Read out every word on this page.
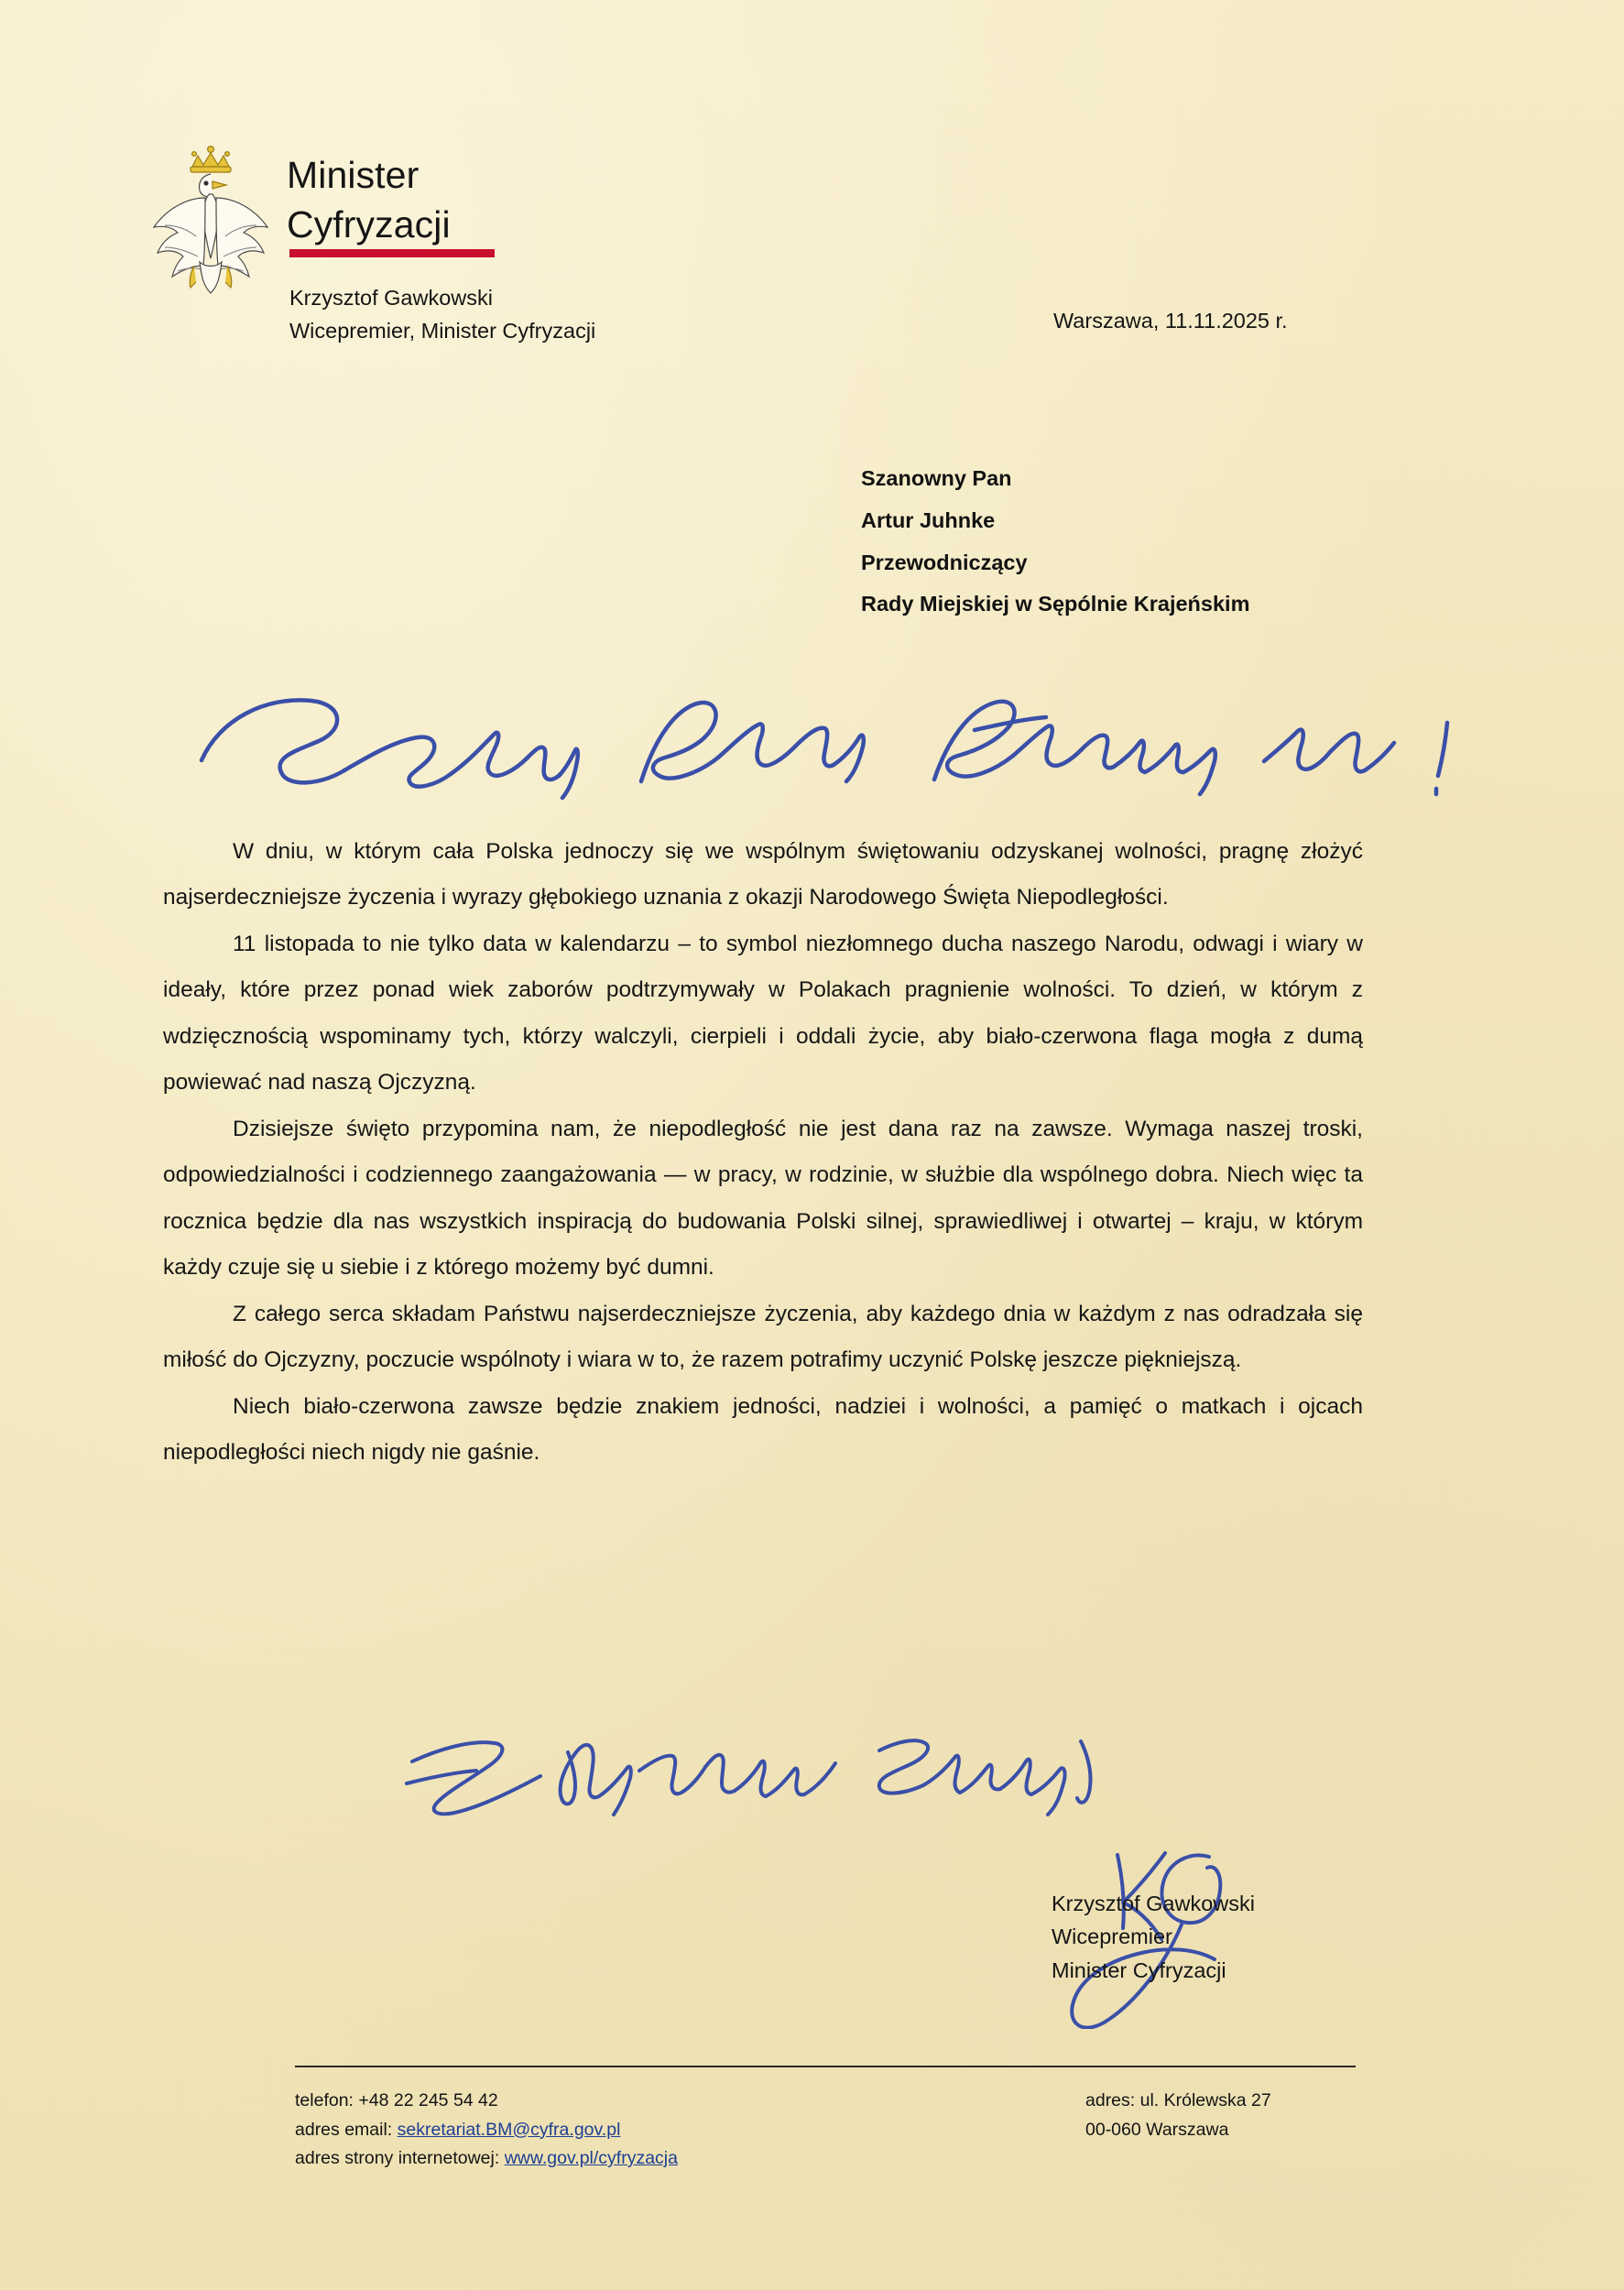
Minister
Cyfryzacji
Krzysztof Gawkowski
Wicepremier, Minister Cyfryzacji	Warszawa, 11.11.2025 r.
Szanowny Pan
Artur Juhnke
Przewodniczący
Rady Miejskiej w Sępólnie Krajeńskim

W dniu, w którym cała Polska jednoczy się we wspólnym świętowaniu odzyskanej wolności, pragnę złożyć najserdeczniejsze życzenia i wyrazy głębokiego uznania z okazji Narodowego Święta Niepodległości.

11 listopada to nie tylko data w kalendarzu – to symbol niezłomnego ducha naszego Narodu, odwagi i wiary w ideały, które przez ponad wiek zaborów podtrzymywały w Polakach pragnienie wolności. To dzień, w którym z wdzięcznością wspominamy tych, którzy walczyli, cierpieli i oddali życie, aby biało-czerwona flaga mogła z dumą powiewać nad naszą Ojczyzną.

Dzisiejsze święto przypomina nam, że niepodległość nie jest dana raz na zawsze. Wymaga naszej troski, odpowiedzialności i codziennego zaangażowania — w pracy, w rodzinie, w służbie dla wspólnego dobra. Niech więc ta rocznica będzie dla nas wszystkich inspiracją do budowania Polski silnej, sprawiedliwej i otwartej – kraju, w którym każdy czuje się u siebie i z którego możemy być dumni.

Z całego serca składam Państwu najserdeczniejsze życzenia, aby każdego dnia w każdym z nas odradzała się miłość do Ojczyzny, poczucie wspólnoty i wiara w to, że razem potrafimy uczynić Polskę jeszcze piękniejszą.

Niech biało-czerwona zawsze będzie znakiem jedności, nadziei i wolności, a pamięć o matkach i ojcach niepodległości niech nigdy nie gaśnie.

Krzysztof Gawkowski
Wicepremier
Minister Cyfryzacji
telefon: +48 22 245 54 42
adres email: sekretariat.BM@cyfra.gov.pl
adres strony internetowej: www.gov.pl/cyfryzacja
adres: ul. Królewska 27
00-060 Warszawa
